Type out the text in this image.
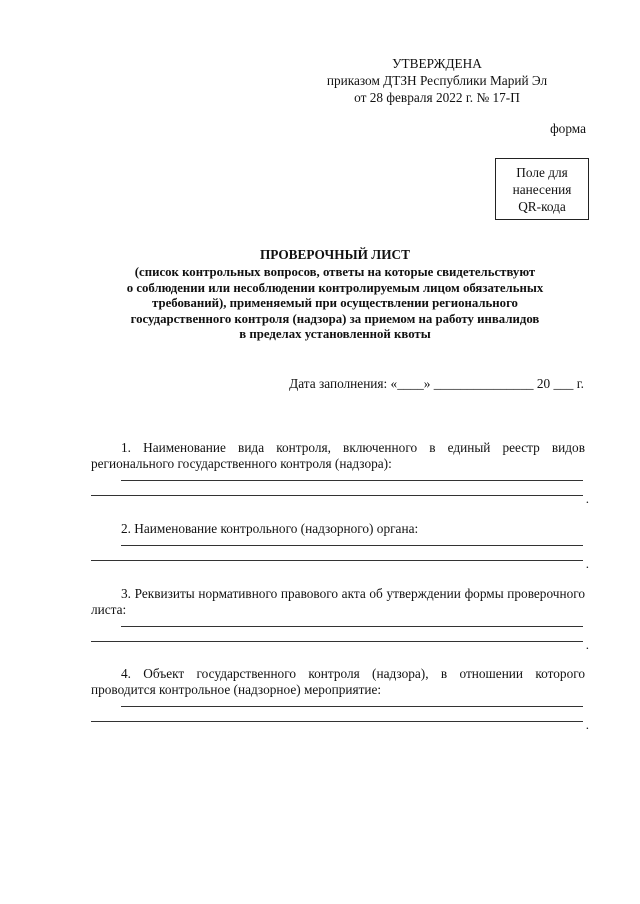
УТВЕРЖДЕНА
приказом ДТЗН Республики Марий Эл
от 28 февраля 2022 г. № 17-П
форма
Поле для
нанесения
QR-кода
ПРОВЕРОЧНЫЙ ЛИСТ
(список контрольных вопросов, ответы на которые свидетельствуют
о соблюдении или несоблюдении контролируемым лицом обязательных
требований), применяемый при осуществлении регионального
государственного контроля (надзора) за приемом на работу инвалидов
в пределах установленной квоты
Дата заполнения: «____» _______________ 20 ___ г.

1. Наименование вида контроля, включенного в единый реестр видов регионального государственного контроля (надзора):

.

2. Наименование контрольного (надзорного) органа:

.

3. Реквизиты нормативного правового акта об утверждении формы проверочного листа:

.

4. Объект государственного контроля (надзора), в отношении которого проводится контрольное (надзорное) мероприятие:

.
